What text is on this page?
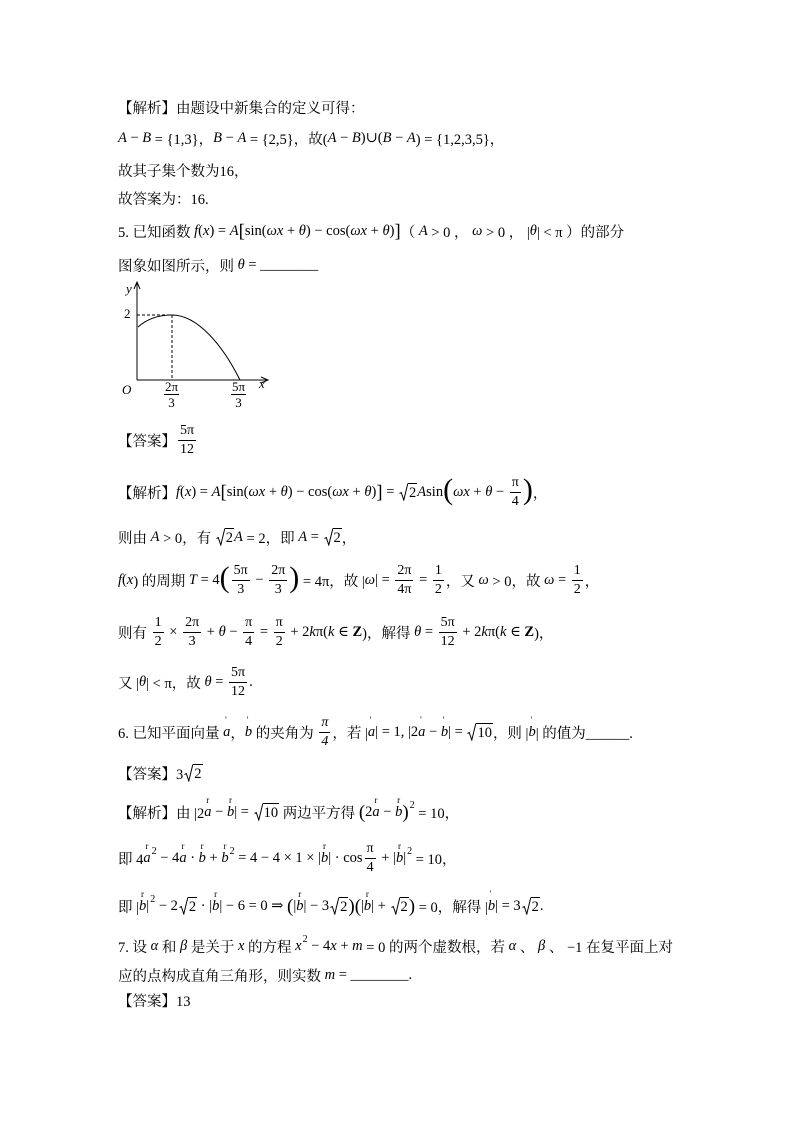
【解析】由题设中新集合的定义可得：
A − B = {1,3}， B − A = {2,5}，故( A − B )∪( B − A ) = {1,2,3,5}，
故其子集个数为16，
故答案为：16.
5. 已知函数 f ( x ) = A [ sin( ωx + θ ) − cos( ωx + θ ) ] （ A > 0 ， ω > 0 ， | θ | < π ）的部分
图象如图所示，则 θ = ________
y
2
O	x
$\frac{2\pi}{3}$	$\frac{5\pi}{3}$
【答案】 $\frac{5\pi}{12}$
【解析】 f ( x ) = A [ sin( ωx + θ ) − cos( ωx + θ ) ] = 2 A sin ( $\omega x + \theta - \frac{\pi}{4}$ ) ，
则由 A > 0，有 2 A = 2，即 A = 2 ，
f ( x ) 的周期 T = 4 ( $\frac{5\pi}{3} - \frac{2\pi}{3}$ ) = 4π，故 | ω | = $\frac{2\pi}{4\pi} = \frac{1}{2}$ ，又 ω > 0，故 $\omega = \frac{1}{2}$ ，
则有 $\frac{1}{2} \times \frac{2\pi}{3} + \theta - \frac{\pi}{4} = \frac{\pi}{2} + 2$ k π( k ∈ Z )，解得 $\theta = \frac{5\pi}{12} + 2$ k π( k ∈ Z )，
又 | θ | < π，故 $\theta = \frac{5\pi}{12}$ .
6. 已知平面向量 a
'
， b
'
的夹角为 $\frac{\pi}{4}$ ，若 | a
'
| = 1, |2 a
'
− b
'
| = 10 ，则 | b
'
| 的值为______.
【答案】3 2
【解析】由 |2 a
r
− b
r
| = 10 两边平方得 ( 2 a
r
− b
r
) 2
= 10，
即 4 a
r 2 − 4 a
r
· b
r
+ b
r 2 = 4 − 4 × 1 × | b
r
| · $\cos \frac{\pi}{4}$ + | b
r
| 2
= 10，
即 | b
r
| 2 − 2 2 · | b
r
| − 6 = 0 ⇒ ( | b
r
| − 3 2 ) ( | b
r
| + 2 ) = 0，解得 | b
'
| = 3 2 .
7. 设 α 和 β 是关于 x 的方程 x 2 − 4 x + m = 0 的两个虚数根，若 α 、 β 、 −1 在复平面上对
应的点构成直角三角形，则实数 m = ________.
【答案】13
